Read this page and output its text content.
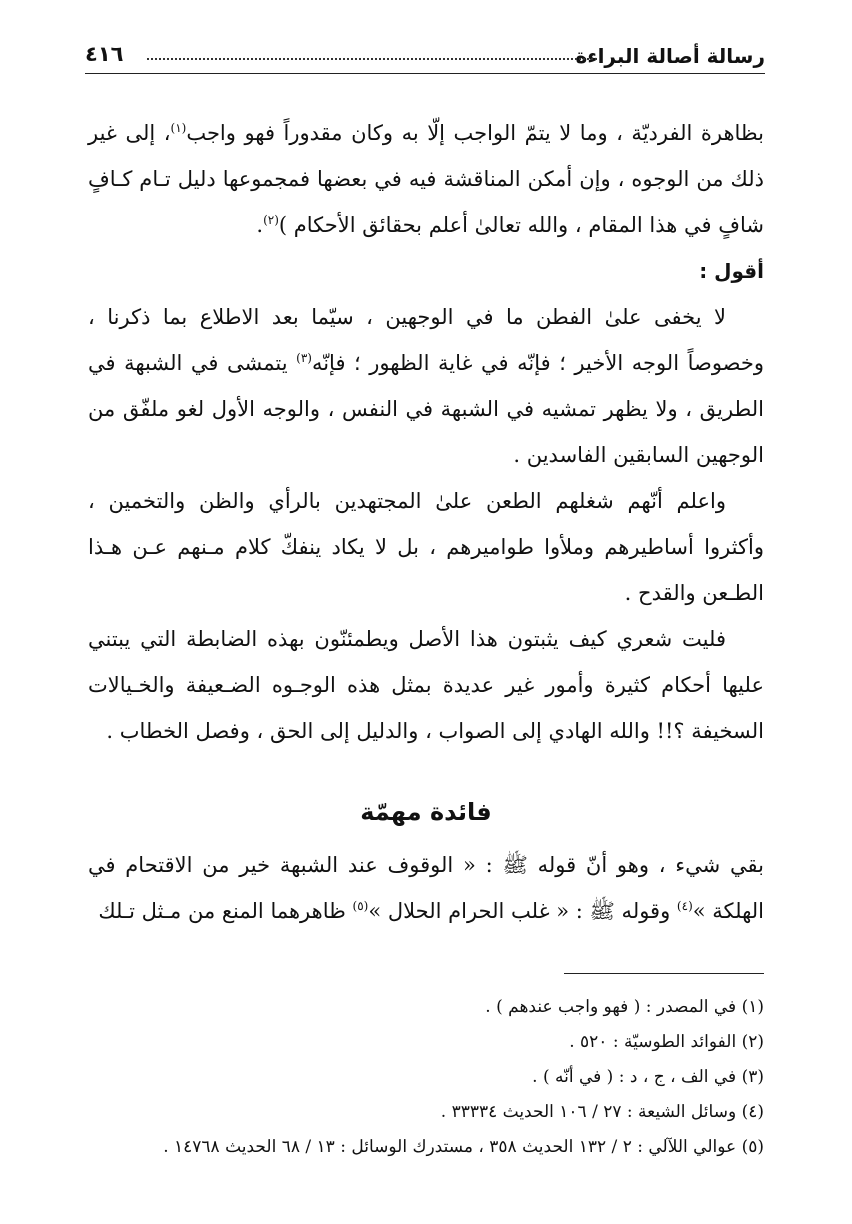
رسالة أصالة البراءة
٤١٦

بظاهرة الفرديّة ، وما لا يتمّ الواجب إلّا به وكان مقدوراً فهو واجب$^{(١)}$، إلى غير ذلك من الوجوه ، وإن أمكن المناقشة فيه في بعضها فمجموعها دليل تـام كـافٍ شافٍ في هذا المقام ، والله تعالىٰ أعلم بحقائق الأحكام )$^{(٢)}$.

أقول :

لا يخفى علىٰ الفطن ما في الوجهين ، سيّما بعد الاطلاع بما ذكرنا ، وخصوصاً الوجه الأخير ؛ فإنّه في غاية الظهور ؛ فإنّه$^{(٣)}$ يتمشى في الشبهة في الطريق ، ولا يظهر تمشيه في الشبهة في النفس ، والوجه الأول لغو ملفّق من الوجهين السابقين الفاسدين .

واعلم أنّهم شغلهم الطعن علىٰ المجتهدين بالرأي والظن والتخمين ، وأكثروا أساطيرهم وملأوا طواميرهم ، بل لا يكاد ينفكّ كلام مـنهم عـن هـذا الطـعن والقدح .

فليت شعري كيف يثبتون هذا الأصل ويطمئنّون بهذه الضابطة التي يبتني عليها أحكام كثيرة وأمور غير عديدة بمثل هذه الوجـوه الضـعيفة والخـيالات السخيفة ؟!! والله الهادي إلى الصواب ، والدليل إلى الحق ، وفصل الخطاب .

فائدة مهمّة

بقي شيء ، وهو أنّ قوله ﷺ : « الوقوف عند الشبهة خير من الاقتحام في الهلكة »$^{(٤)}$ وقوله ﷺ : « غلب الحرام الحلال »$^{(٥)}$ ظاهرهما المنع من مـثل تـلك

(١) في المصدر : ( فهو واجب عندهم ) .
(٢) الفوائد الطوسيّة : ٥٢٠ .
(٣) في الف ، ج ، د : ( في أنّه ) .
(٤) وسائل الشيعة : ٢٧ / ١٠٦ الحديث ٣٣٣٣٤ .
(٥) عوالي اللآلي : ٢ / ١٣٢ الحديث ٣٥٨ ، مستدرك الوسائل : ١٣ / ٦٨ الحديث ١٤٧٦٨ .
